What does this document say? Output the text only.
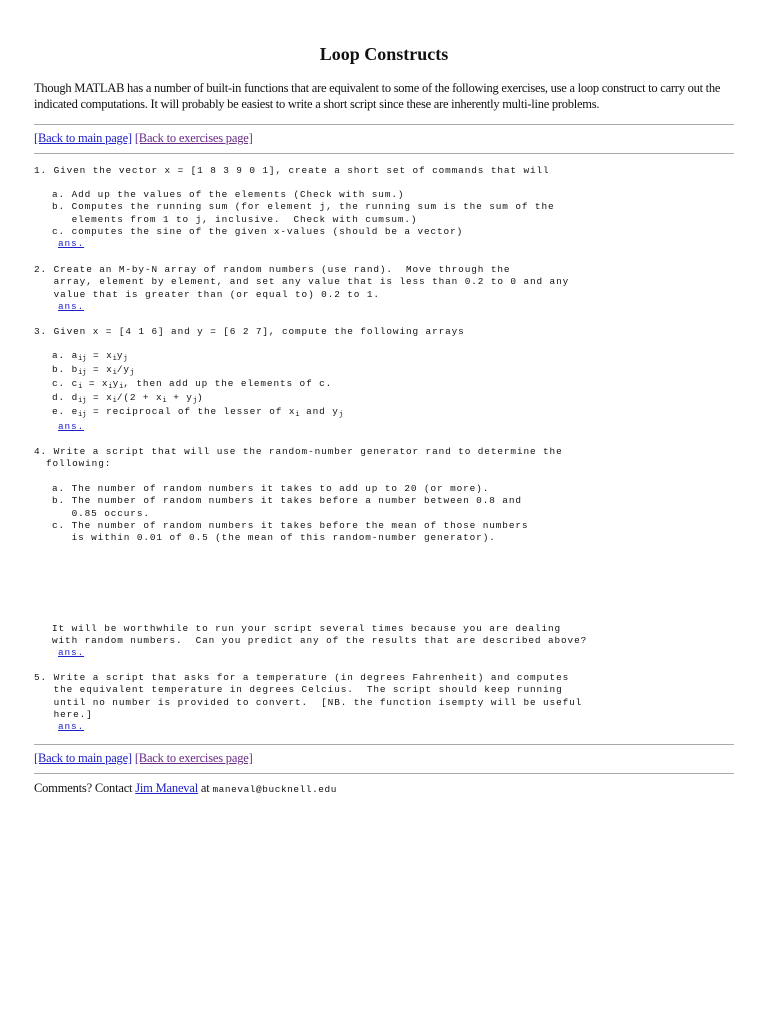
Loop Constructs
Though MATLAB has a number of built-in functions that are equivalent to some of the following exercises, use a loop construct to carry out the indicated computations. It will probably be easiest to write a short script since these are inherently multi-line problems.
[Back to main page] [Back to exercises page]
1. Given the vector x = [1 8 3 9 0 1], create a short set of commands that will
a. Add up the values of the elements (Check with sum.)
b. Computes the running sum (for element j, the running sum is the sum of the
elements from 1 to j, inclusive.  Check with cumsum.)
c. computes the sine of the given x-values (should be a vector)
ans.
2. Create an M-by-N array of random numbers (use rand).  Move through the
array, element by element, and set any value that is less than 0.2 to 0 and any
value that is greater than (or equal to) 0.2 to 1.
ans.
3. Given x = [4 1 6] and y = [6 2 7], compute the following arrays
a. $a_{ij} = x_iy_j$
b. $b_{ij} = x_i/y_j$
c. $c_i = x_iy_i$, then add up the elements of c.
d. $d_{ij} = x_i/(2 + x_i + y_j)$
e. $e_{ij}$ = reciprocal of the lesser of $x_i$ and $y_j$
ans.
4. Write a script that will use the random-number generator rand to determine the
following:
a. The number of random numbers it takes to add up to 20 (or more).
b. The number of random numbers it takes before a number between 0.8 and
0.85 occurs.
c. The number of random numbers it takes before the mean of those numbers
is within 0.01 of 0.5 (the mean of this random-number generator).
It will be worthwhile to run your script several times because you are dealing
with random numbers.  Can you predict any of the results that are described above?
ans.
5. Write a script that asks for a temperature (in degrees Fahrenheit) and computes
the equivalent temperature in degrees Celcius.  The script should keep running
until no number is provided to convert.  [NB. the function isempty will be useful
here.]
ans.
[Back to main page] [Back to exercises page]
Comments? Contact Jim Maneval at maneval@bucknell.edu
